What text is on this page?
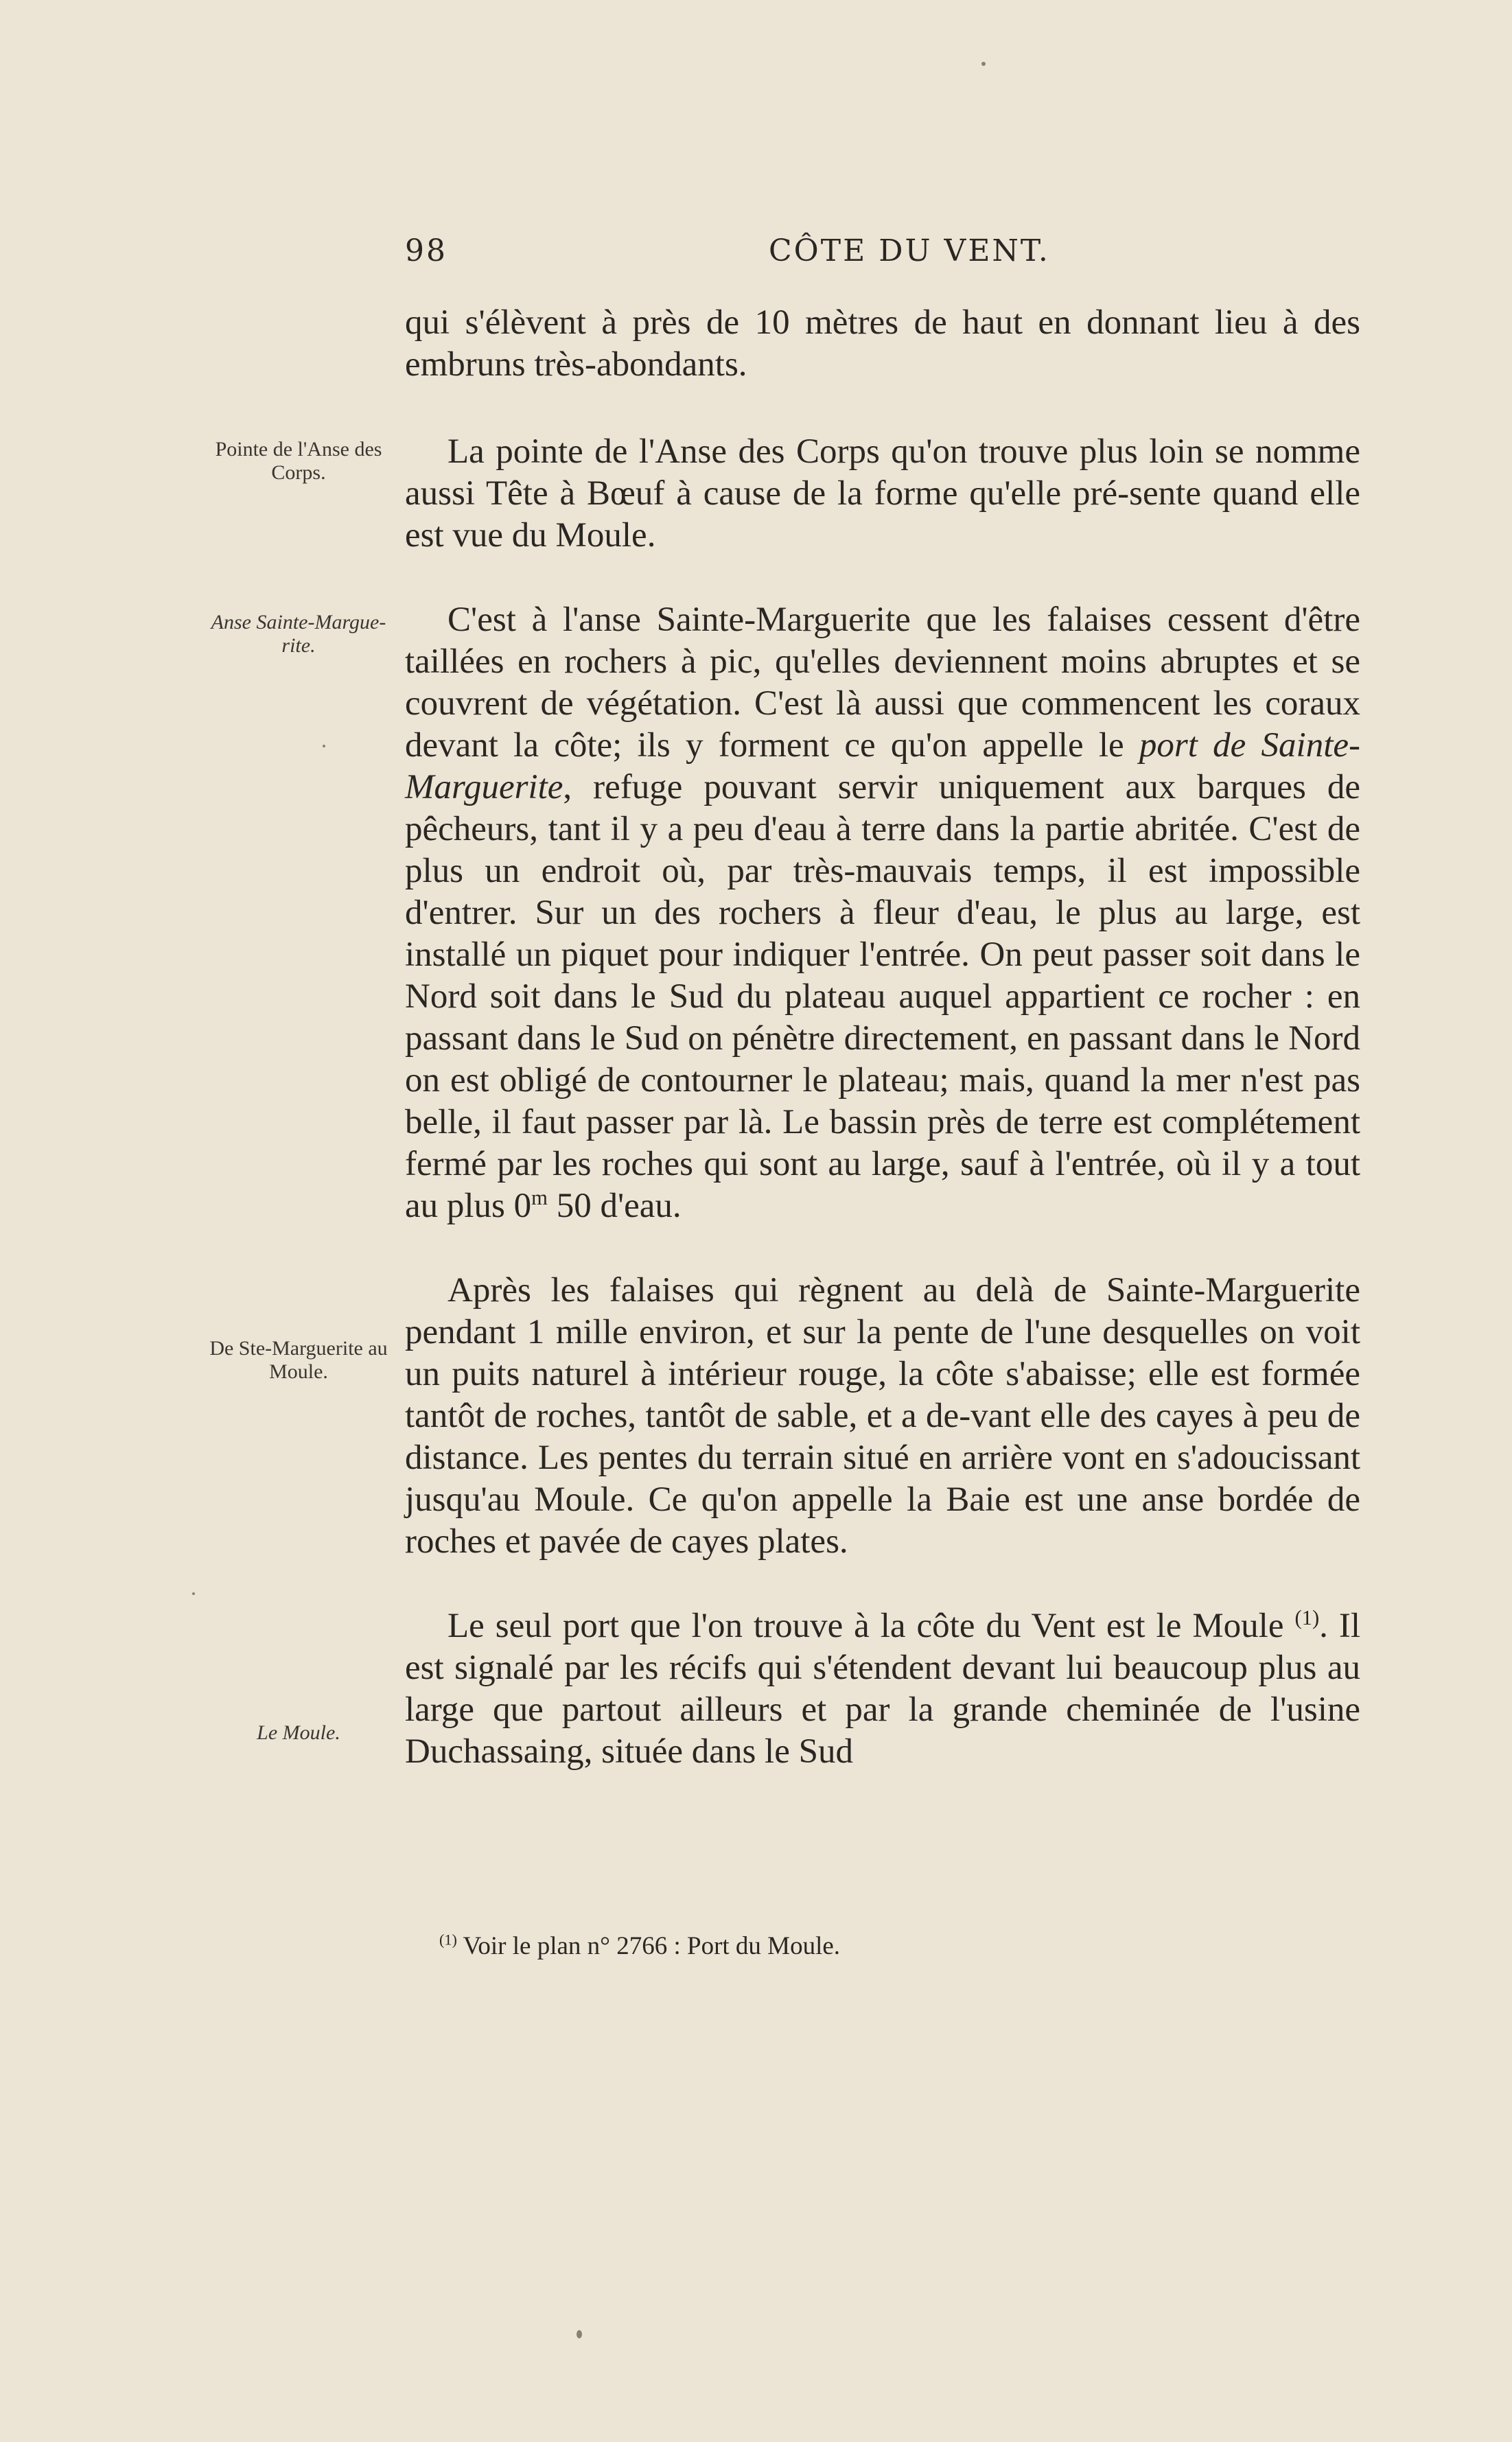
98	CÔTE DU VENT.
Pointe de l'Anse des Corps.
Anse Sainte-Margue-rite.
De Ste-Marguerite au Moule.
Le Moule.

qui s'élèvent à près de 10 mètres de haut en donnant lieu à des embruns très-abondants.

La pointe de l'Anse des Corps qu'on trouve plus loin se nomme aussi Tête à Bœuf à cause de la forme qu'elle pré-sente quand elle est vue du Moule.

C'est à l'anse Sainte-Marguerite que les falaises cessent d'être taillées en rochers à pic, qu'elles deviennent moins abruptes et se couvrent de végétation. C'est là aussi que commencent les coraux devant la côte; ils y forment ce qu'on appelle le port de Sainte-Marguerite, refuge pouvant servir uniquement aux barques de pêcheurs, tant il y a peu d'eau à terre dans la partie abritée. C'est de plus un endroit où, par très-mauvais temps, il est impossible d'entrer. Sur un des rochers à fleur d'eau, le plus au large, est installé un piquet pour indiquer l'entrée. On peut passer soit dans le Nord soit dans le Sud du plateau auquel appartient ce rocher : en passant dans le Sud on pénètre directement, en passant dans le Nord on est obligé de contourner le plateau; mais, quand la mer n'est pas belle, il faut passer par là. Le bassin près de terre est complétement fermé par les roches qui sont au large, sauf à l'entrée, où il y a tout au plus 0$^m$ 50 d'eau.

Après les falaises qui règnent au delà de Sainte-Marguerite pendant 1 mille environ, et sur la pente de l'une desquelles on voit un puits naturel à intérieur rouge, la côte s'abaisse; elle est formée tantôt de roches, tantôt de sable, et a de-vant elle des cayes à peu de distance. Les pentes du terrain situé en arrière vont en s'adoucissant jusqu'au Moule. Ce qu'on appelle la Baie est une anse bordée de roches et pavée de cayes plates.

Le seul port que l'on trouve à la côte du Vent est le Moule $^{(1)}$. Il est signalé par les récifs qui s'étendent devant lui beaucoup plus au large que partout ailleurs et par la grande cheminée de l'usine Duchassaing, située dans le Sud

$^{(1)}$ Voir le plan n° 2766 : Port du Moule.
